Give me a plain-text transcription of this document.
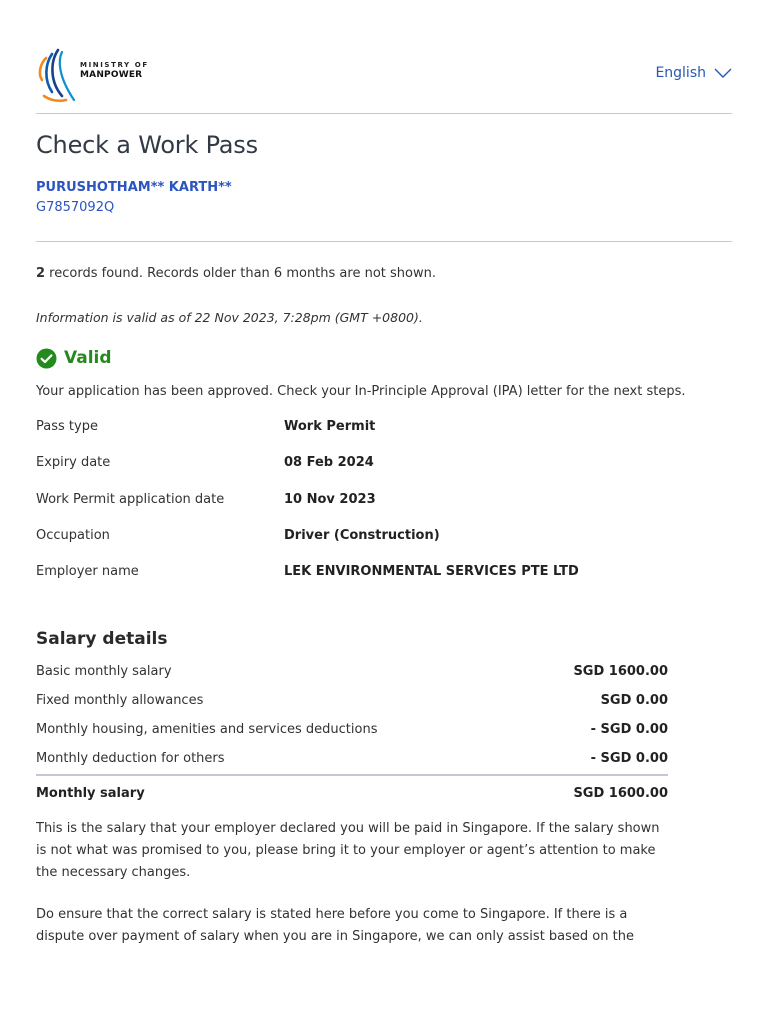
MINISTRY OF
MANPOWER	English
Check a Work Pass
PURUSHOTHAM** KARTH**
G7857092Q
2 records found. Records older than 6 months are not shown.
Information is valid as of 22 Nov 2023, 7:28pm (GMT +0800).
Valid
Your application has been approved. Check your In-Principle Approval (IPA) letter for the next steps.
Pass type	Work Permit
Expiry date	08 Feb 2024
Work Permit application date	10 Nov 2023
Occupation	Driver (Construction)
Employer name	LEK ENVIRONMENTAL SERVICES PTE LTD
Salary details
Basic monthly salary	SGD 1600.00
Fixed monthly allowances	SGD 0.00
Monthly housing, amenities and services deductions	- SGD 0.00
Monthly deduction for others	- SGD 0.00
Monthly salary	SGD 1600.00

This is the salary that your employer declared you will be paid in Singapore. If the salary shown is not what was promised to you, please bring it to your employer or agent’s attention to make the necessary changes.

Do ensure that the correct salary is stated here before you come to Singapore. If there is a dispute over payment of salary when you are in Singapore, we can only assist based on the
